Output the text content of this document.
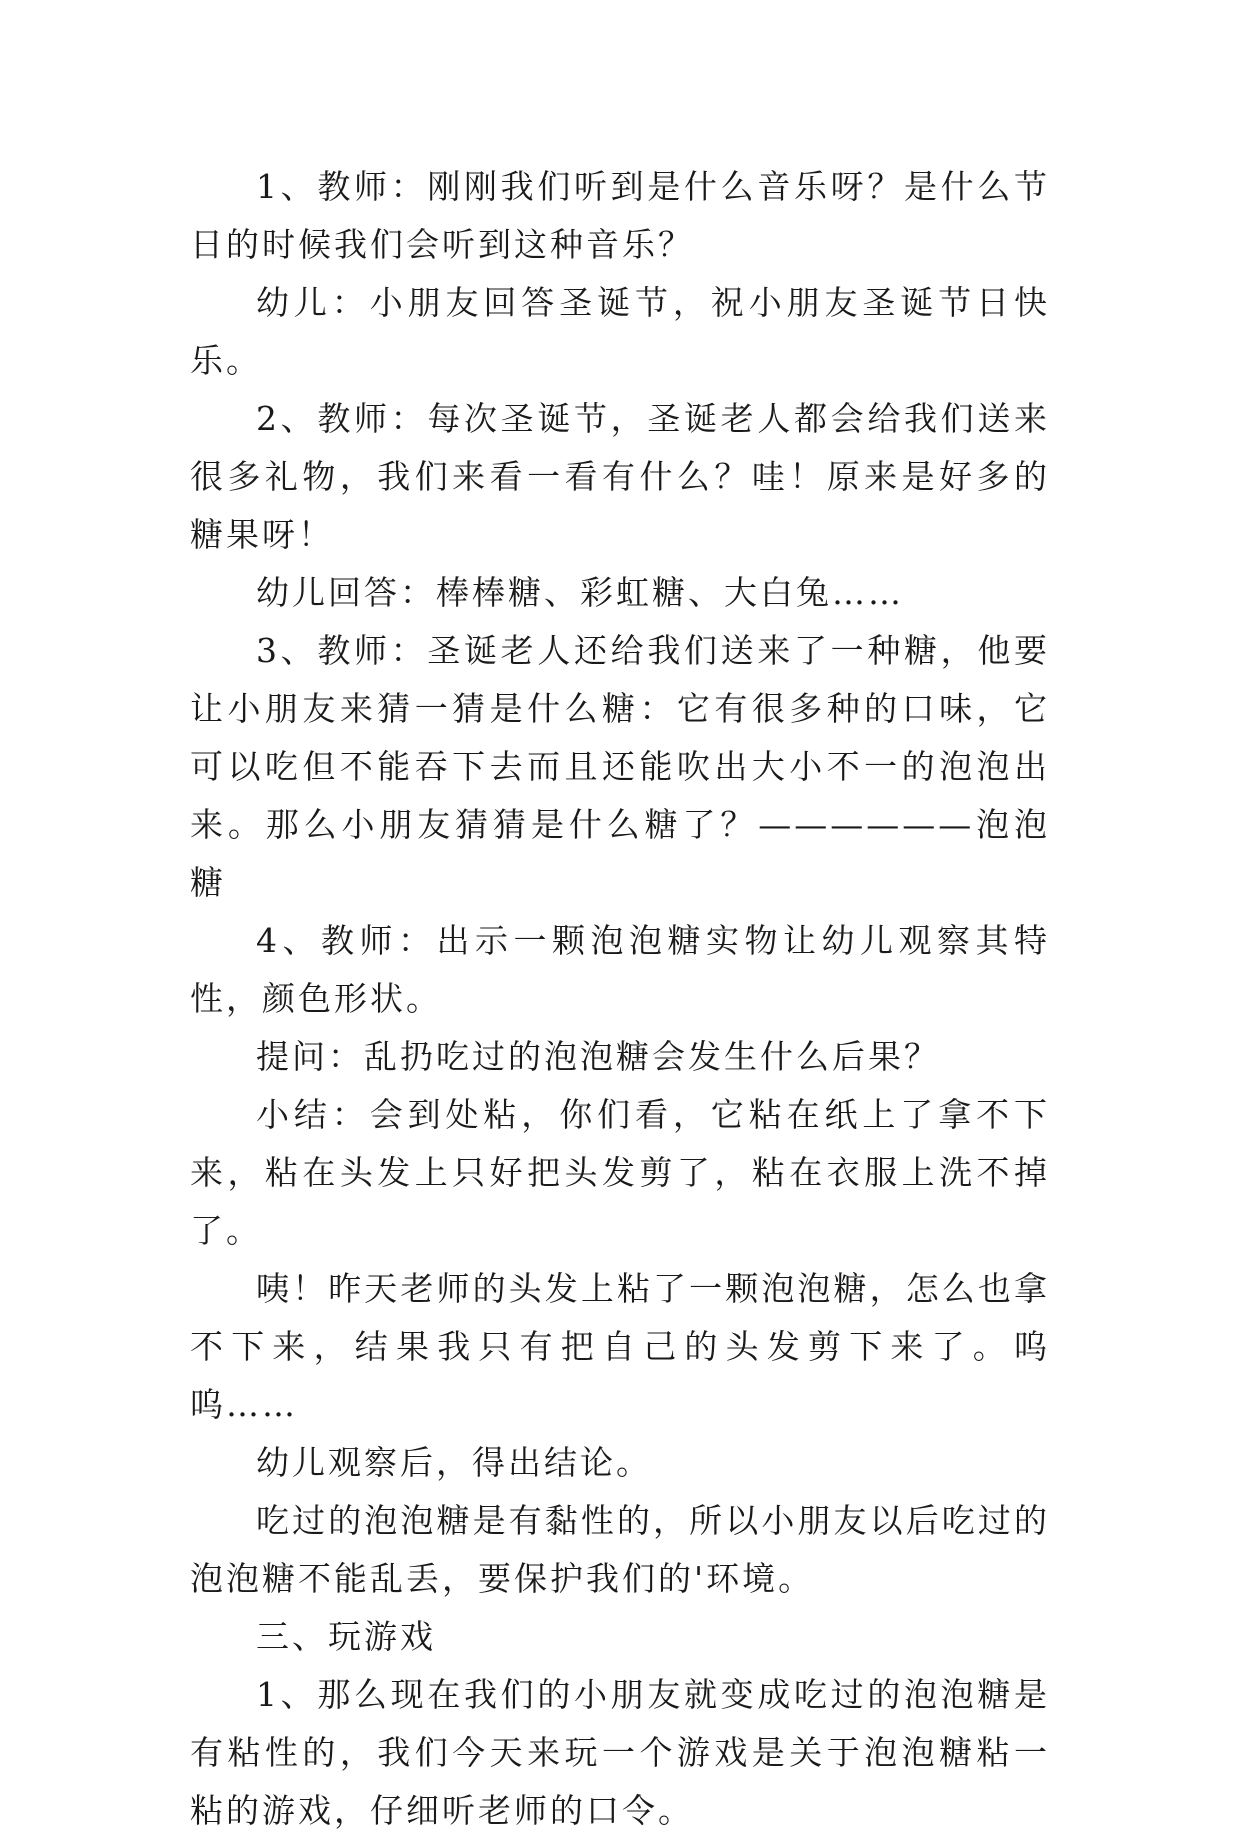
1、教师：刚刚我们听到是什么音乐呀？是什么节日的时候我们会听到这种音乐？

幼儿：小朋友回答圣诞节，祝小朋友圣诞节日快乐。

2、教师：每次圣诞节，圣诞老人都会给我们送来很多礼物，我们来看一看有什么？哇！原来是好多的糖果呀！

幼儿回答：棒棒糖、彩虹糖、大白兔……

3、教师：圣诞老人还给我们送来了一种糖，他要让小朋友来猜一猜是什么糖：它有很多种的口味，它可以吃但不能吞下去而且还能吹出大小不一的泡泡出来。那么小朋友猜猜是什么糖了？——————泡泡糖

4、教师：出示一颗泡泡糖实物让幼儿观察其特性，颜色形状。

提问：乱扔吃过的泡泡糖会发生什么后果？

小结：会到处粘，你们看，它粘在纸上了拿不下来，粘在头发上只好把头发剪了，粘在衣服上洗不掉了。

咦！昨天老师的头发上粘了一颗泡泡糖，怎么也拿不下来，结果我只有把自己的头发剪下来了。呜呜……

幼儿观察后，得出结论。

吃过的泡泡糖是有黏性的，所以小朋友以后吃过的泡泡糖不能乱丢，要保护我们的'环境。

三、玩游戏

1、那么现在我们的小朋友就变成吃过的泡泡糖是有粘性的，我们今天来玩一个游戏是关于泡泡糖粘一粘的游戏，仔细听老师的口令。
